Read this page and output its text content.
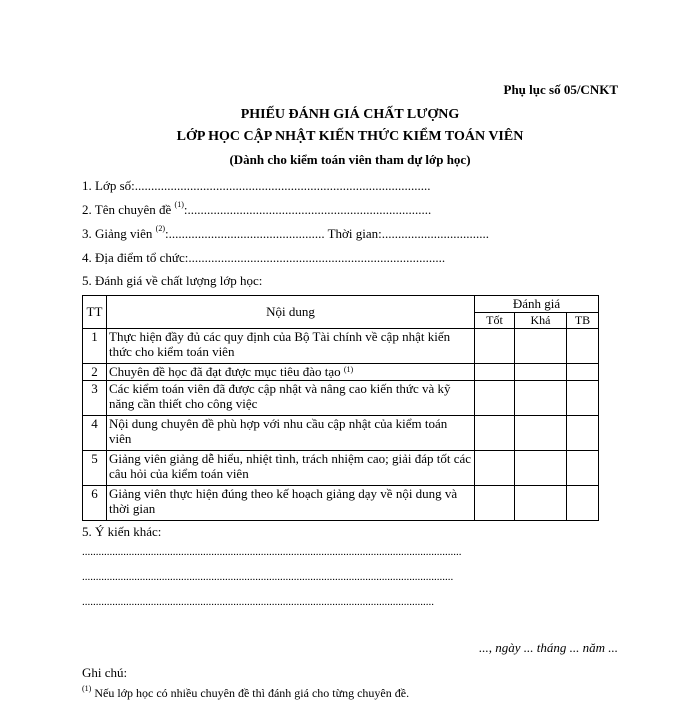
Phụ lục số 05/CNKT
PHIẾU ĐÁNH GIÁ CHẤT LƯỢNG
LỚP HỌC CẬP NHẬT KIẾN THỨC KIỂM TOÁN VIÊN
(Dành cho kiểm toán viên tham dự lớp học)
1. Lớp số:...........................................................................................
2. Tên chuyên đề $^{(1)}$:...........................................................................
3. Giảng viên $^{(2)}$:................................................ Thời gian:.................................
4. Địa điểm tổ chức:...............................................................................
5. Đánh giá về chất lượng lớp học:
TT	Nội dung	Đánh giá		
		Tốt	Khá	TB
1	Thực hiện đầy đủ các quy định của Bộ Tài chính về cập nhật kiến thức cho kiểm toán viên			
2	Chuyên đề học đã đạt được mục tiêu đào tạo $^{(1)}$			
3	Các kiểm toán viên đã được cập nhật và nâng cao kiến thức và kỹ năng cần thiết cho công việc			
4	Nội dung chuyên đề phù hợp với nhu cầu cập nhật của kiểm toán viên			
5	Giảng viên giảng dễ hiểu, nhiệt tình, trách nhiệm cao; giải đáp tốt các câu hỏi của kiểm toán viên			
6	Giảng viên thực hiện đúng theo kế hoạch giảng dạy về nội dung và thời gian			
5. Ý kiến khác:
..........................................................................................................................................
.......................................................................................................................................
................................................................................................................................
..., ngày ... tháng ... năm ...
Ghi chú:
$^{(1)}$ Nếu lớp học có nhiều chuyên đề thì đánh giá cho từng chuyên đề.
